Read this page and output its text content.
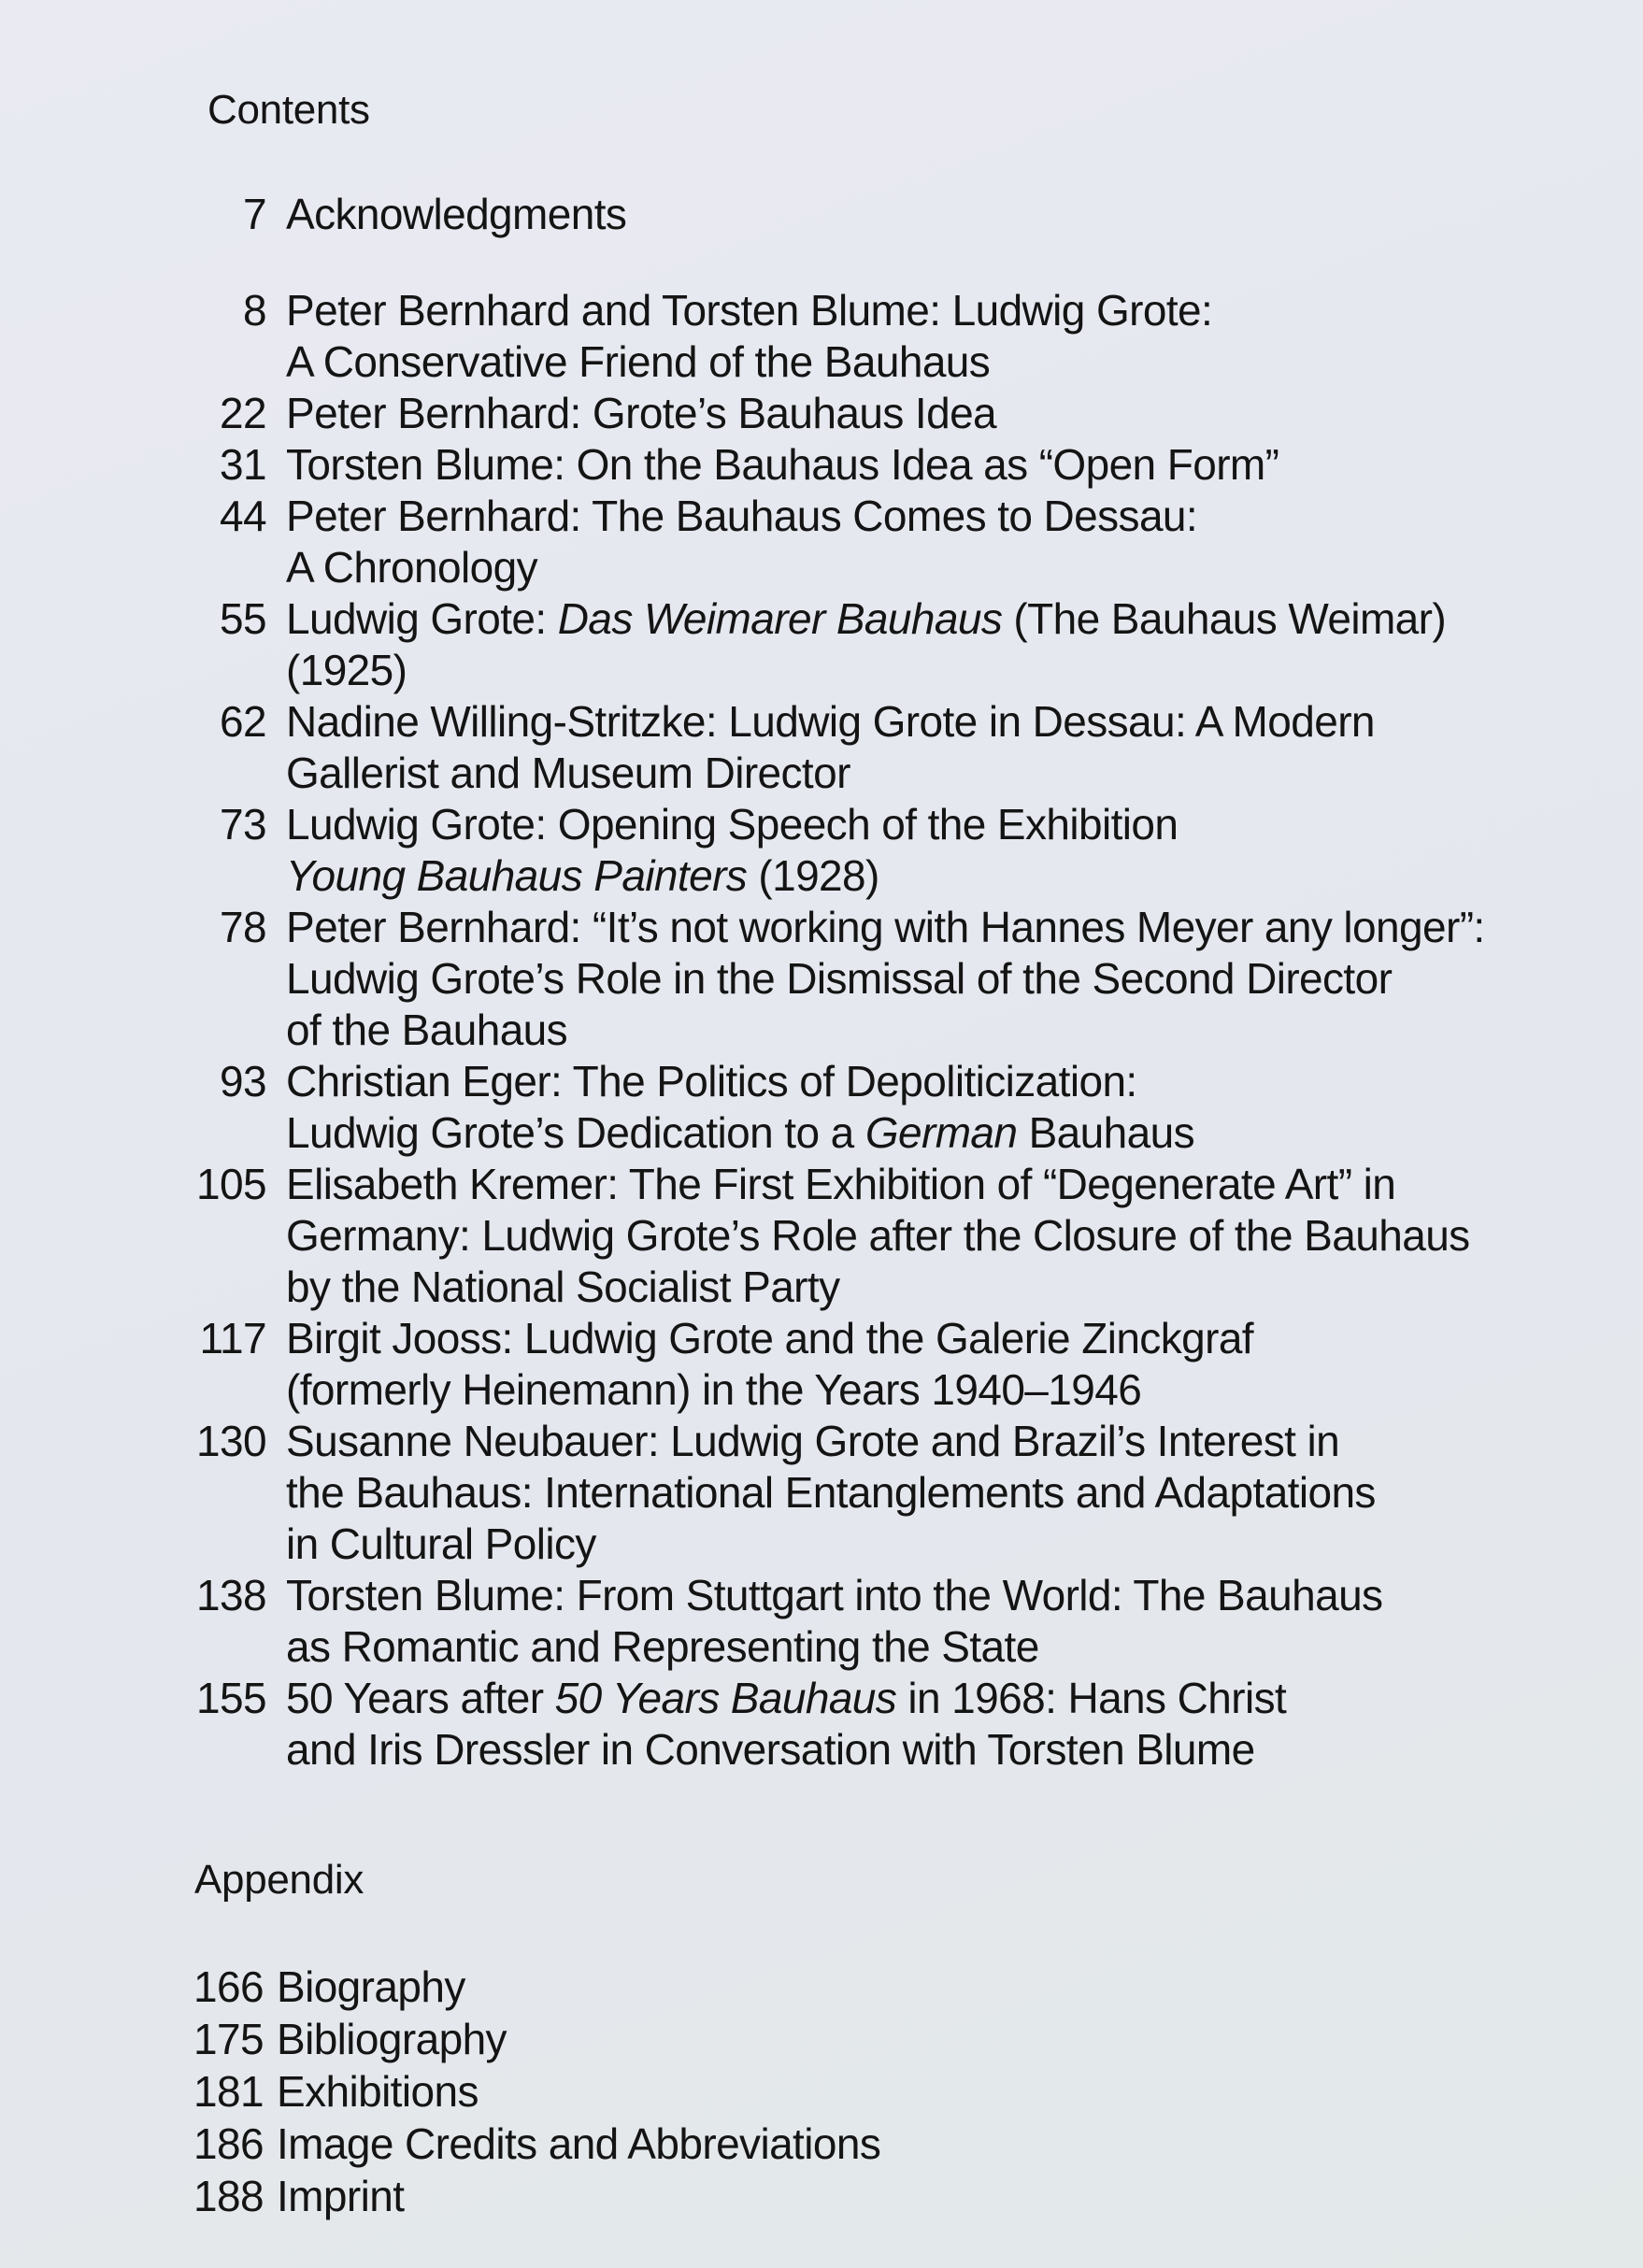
Contents
7 Acknowledgments
8 Peter Bernhard and Torsten Blume: Ludwig Grote:
A Conservative Friend of the Bauhaus
22 Peter Bernhard: Grote’s Bauhaus Idea
31 Torsten Blume: On the Bauhaus Idea as “Open Form”
44 Peter Bernhard: The Bauhaus Comes to Dessau:
A Chronology
55 Ludwig Grote: Das Weimarer Bauhaus (The Bauhaus Weimar)
(1925)
62 Nadine Willing-Stritzke: Ludwig Grote in Dessau: A Modern
Gallerist and Museum Director
73 Ludwig Grote: Opening Speech of the Exhibition
Young Bauhaus Painters (1928)
78 Peter Bernhard: “It’s not working with Hannes Meyer any longer”:
Ludwig Grote’s Role in the Dismissal of the Second Director
of the Bauhaus
93 Christian Eger: The Politics of Depoliticization:
Ludwig Grote’s Dedication to a German Bauhaus
105 Elisabeth Kremer: The First Exhibition of “Degenerate Art” in
Germany: Ludwig Grote’s Role after the Closure of the Bauhaus
by the National Socialist Party
117 Birgit Jooss: Ludwig Grote and the Galerie Zinckgraf
(formerly Heinemann) in the Years 1940–1946
130 Susanne Neubauer: Ludwig Grote and Brazil’s Interest in
the Bauhaus: International Entanglements and Adaptations
in Cultural Policy
138 Torsten Blume: From Stuttgart into the World: The Bauhaus
as Romantic and Representing the State
155 50 Years after 50 Years Bauhaus in 1968: Hans Christ
and Iris Dressler in Conversation with Torsten Blume
Appendix
166 Biography
175 Bibliography
181 Exhibitions
186 Image Credits and Abbreviations
188 Imprint
